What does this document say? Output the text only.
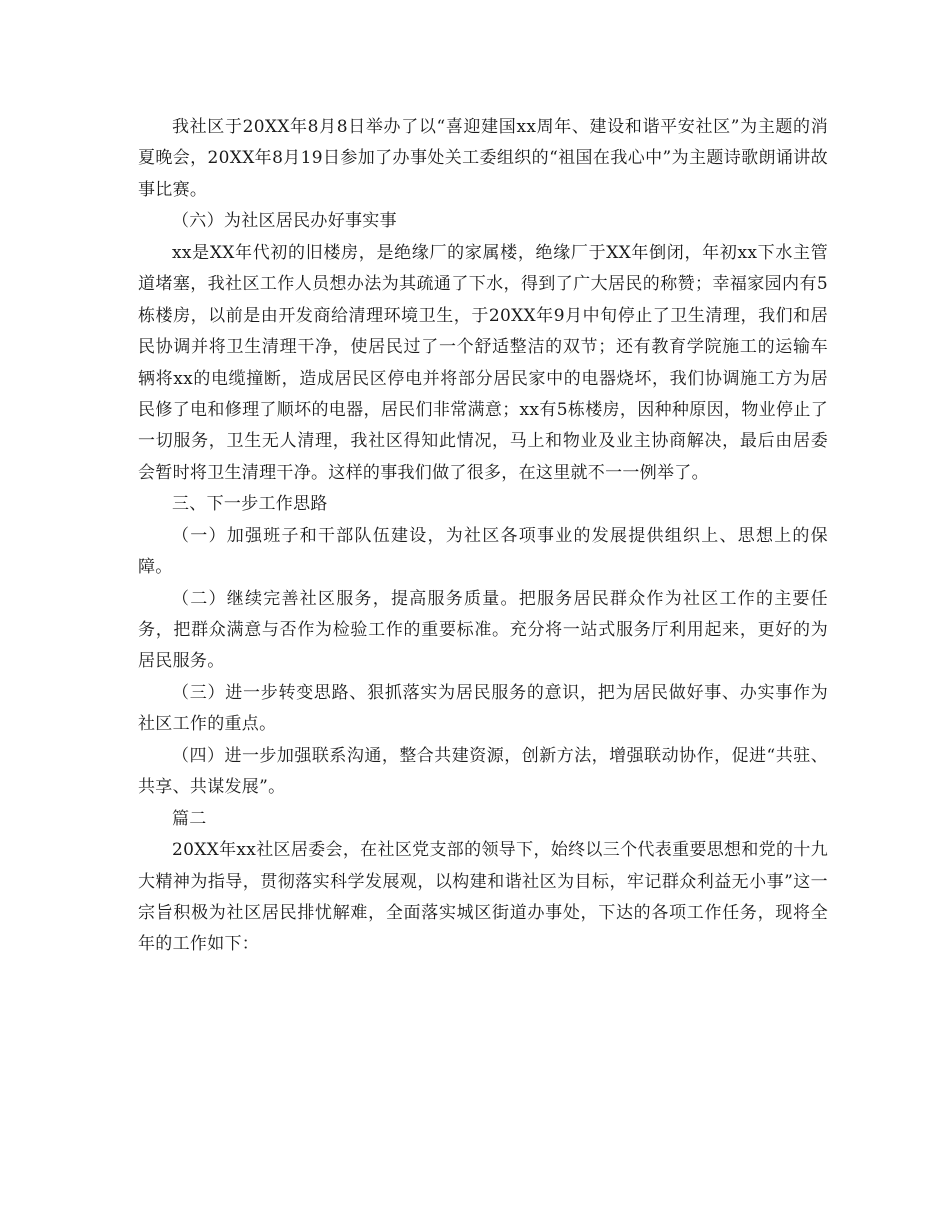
我社区于20XX年8月8日举办了以“喜迎建国xx周年、建设和谐平安社区”为主题的消夏晚会，20XX年8月19日参加了办事处关工委组织的“祖国在我心中”为主题诗歌朗诵讲故事比赛。

（六）为社区居民办好事实事

xx是XX年代初的旧楼房，是绝缘厂的家属楼，绝缘厂于XX年倒闭，年初xx下水主管道堵塞，我社区工作人员想办法为其疏通了下水，得到了广大居民的称赞；幸福家园内有5栋楼房，以前是由开发商给清理环境卫生，于20XX年9月中旬停止了卫生清理，我们和居民协调并将卫生清理干净，使居民过了一个舒适整洁的双节；还有教育学院施工的运输车辆将xx的电缆撞断，造成居民区停电并将部分居民家中的电器烧坏，我们协调施工方为居民修了电和修理了顺坏的电器，居民们非常满意；xx有5栋楼房，因种种原因，物业停止了一切服务，卫生无人清理，我社区得知此情况，马上和物业及业主协商解决，最后由居委会暂时将卫生清理干净。这样的事我们做了很多，在这里就不一一例举了。

三、下一步工作思路

（一）加强班子和干部队伍建设，为社区各项事业的发展提供组织上、思想上的保障。

（二）继续完善社区服务，提高服务质量。把服务居民群众作为社区工作的主要任务，把群众满意与否作为检验工作的重要标准。充分将一站式服务厅利用起来，更好的为居民服务。

（三）进一步转变思路、狠抓落实为居民服务的意识，把为居民做好事、办实事作为社区工作的重点。

（四）进一步加强联系沟通，整合共建资源，创新方法，增强联动协作，促进“共驻、共享、共谋发展”。

篇二

20XX年xx社区居委会，在社区党支部的领导下，始终以三个代表重要思想和党的十九大精神为指导，贯彻落实科学发展观，以构建和谐社区为目标，牢记群众利益无小事”这一宗旨积极为社区居民排忧解难，全面落实城区街道办事处，下达的各项工作任务，现将全年的工作如下：
